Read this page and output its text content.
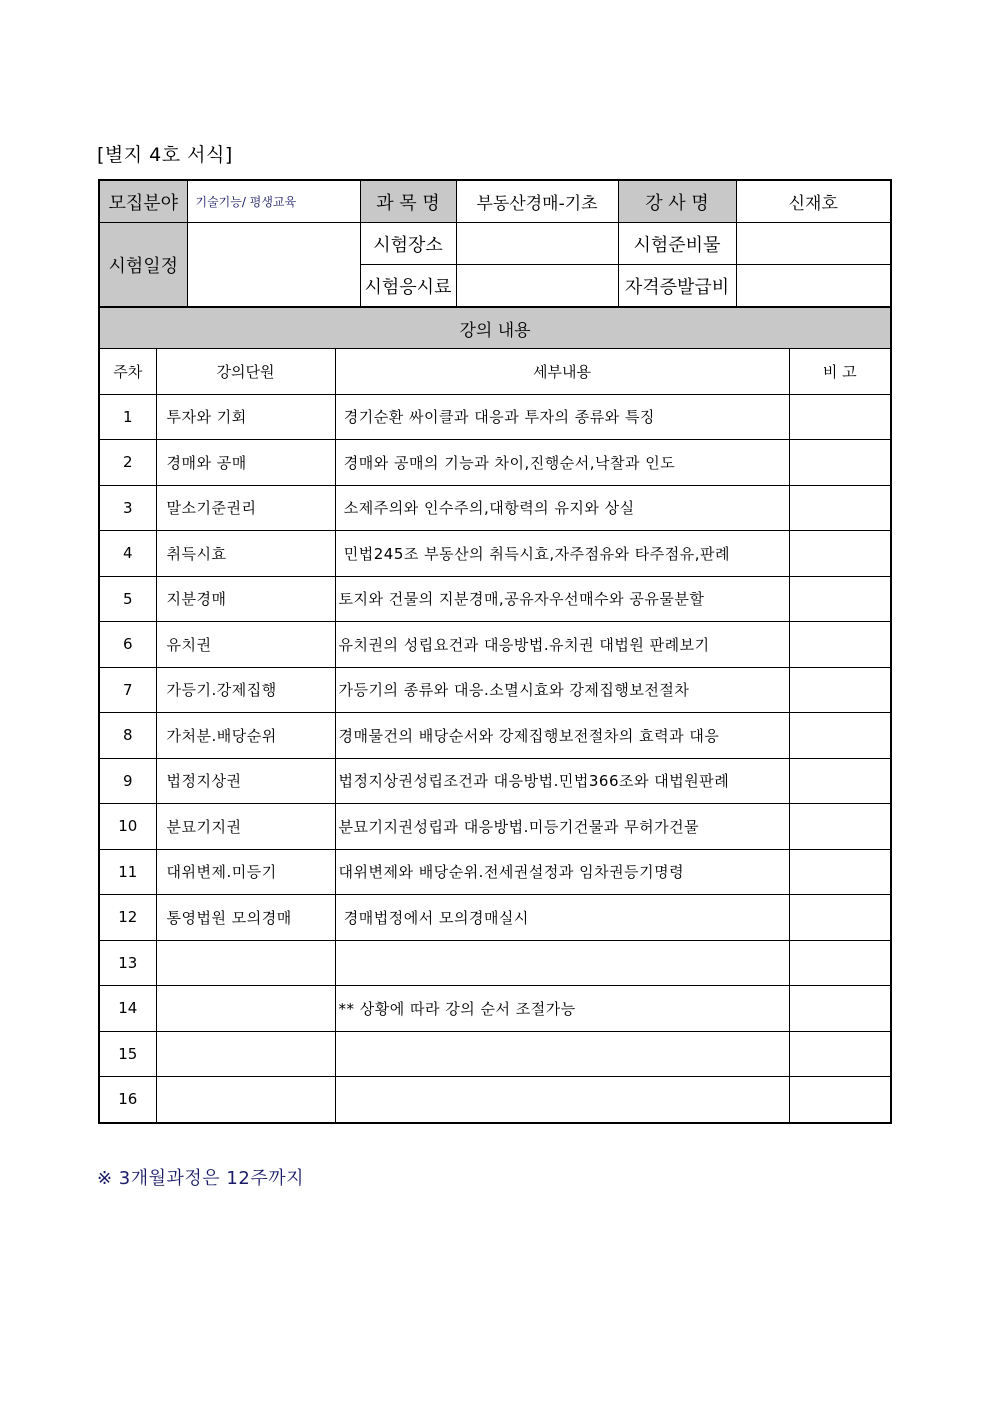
[별지 4호 서식]
모집분야	기술기능/ 평생교육	과 목 명	부동산경매-기초	강 사 명	신재호
시험일정		시험장소		시험준비물	
		시험응시료		자격증발급비	
강의 내용			
주차	강의단원	세부내용	비 고
1	투자와 기회	경기순환 싸이클과 대응과 투자의 종류와 특징	
2	경매와 공매	경매와 공매의 기능과 차이,진행순서,낙찰과 인도	
3	말소기준권리	소제주의와 인수주의,대항력의 유지와 상실	
4	취득시효	민법245조 부동산의 취득시효,자주점유와 타주점유,판례	
5	지분경매	토지와 건물의 지분경매,공유자우선매수와 공유물분할	
6	유치권	유치권의 성립요건과 대응방법.유치권 대법원 판례보기	
7	가등기.강제집행	가등기의 종류와 대응.소멸시효와 강제집행보전절차	
8	가처분.배당순위	경매물건의 배당순서와 강제집행보전절차의 효력과 대응	
9	법정지상권	법정지상권성립조건과 대응방법.민법366조와 대법원판례	
10	분묘기지권	분묘기지권성립과 대응방법.미등기건물과 무허가건물	
11	대위변제.미등기	대위변제와 배당순위.전세권설정과 임차권등기명령	
12	통영법원 모의경매	경매법정에서 모의경매실시	
13			
14		** 상황에 따라 강의 순서 조절가능	
15			
16			
※ 3개월과정은 12주까지
